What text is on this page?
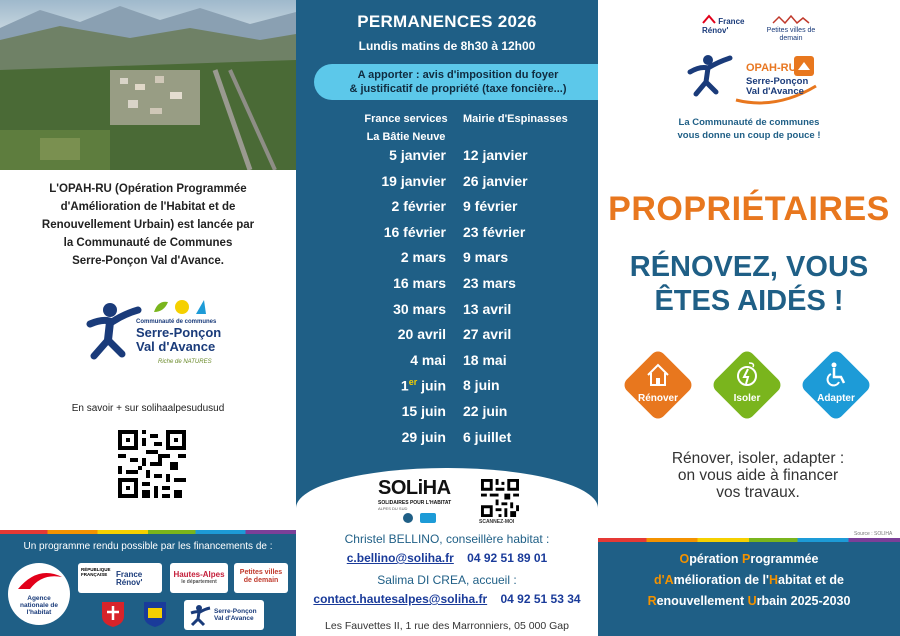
L'OPAH-RU (Opération Programmée
d'Amélioration de l'Habitat et de
Renouvellement Urbain) est lancée par
la Communauté de Communes
Serre-Ponçon Val d'Avance.
Communauté de communes
Serre-Ponçon Val d'Avance
Riche de NATURES
En savoir + sur solihaalpesudusud
Un programme rendu possible par les financements de :
Agence nationale de l'habitat
RÉPUBLIQUE FRANÇAISE France Rénov'
Hautes-Alpes
le département
Petites villes de demain
Serre-Ponçon Val d'Avance
PERMANENCES 2026
Lundis matins de 8h30 à 12h00
A apporter : avis d'imposition du foyer
& justificatif de propriété (taxe foncière...)
France services
La Bâtie Neuve
Mairie d'Espinasses
5 janvier 12 janvier
19 janvier 26 janvier
2 février 9 février
16 février 23 février
2 mars 9 mars
16 mars 23 mars
30 mars 13 avril
20 avril 27 avril
4 mai 18 mai
1er juin 8 juin
15 juin 22 juin
29 juin 6 juillet
SOLiHA
SOLIDAIRES POUR L'HABITAT
ALPES DU SUD
SCANNEZ-MOI
Christel BELLINO, conseillère habitat :
c.bellino@soliha.fr 04 92 51 89 01
Salima DI CREA, accueil :
contact.hautesalpes@soliha.fr 04 92 51 53 34
Les Fauvettes II, 1 rue des Marronniers, 05 000 Gap
France Rénov'	Petites villes de demain
OPAH-RU
Serre-Ponçon
Val d'Avance
La Communauté de communes
vous donne un coup de pouce !
PROPRIÉTAIRES
RÉNOVEZ, VOUS
ÊTES AIDÉS !
Rénover	Isoler	Adapter
Rénover, isoler, adapter :
on vous aide à financer
vos travaux.
Source : SOLIHA
Opération Programmée
d'Amélioration de l'Habitat et de
Renouvellement Urbain 2025-2030
